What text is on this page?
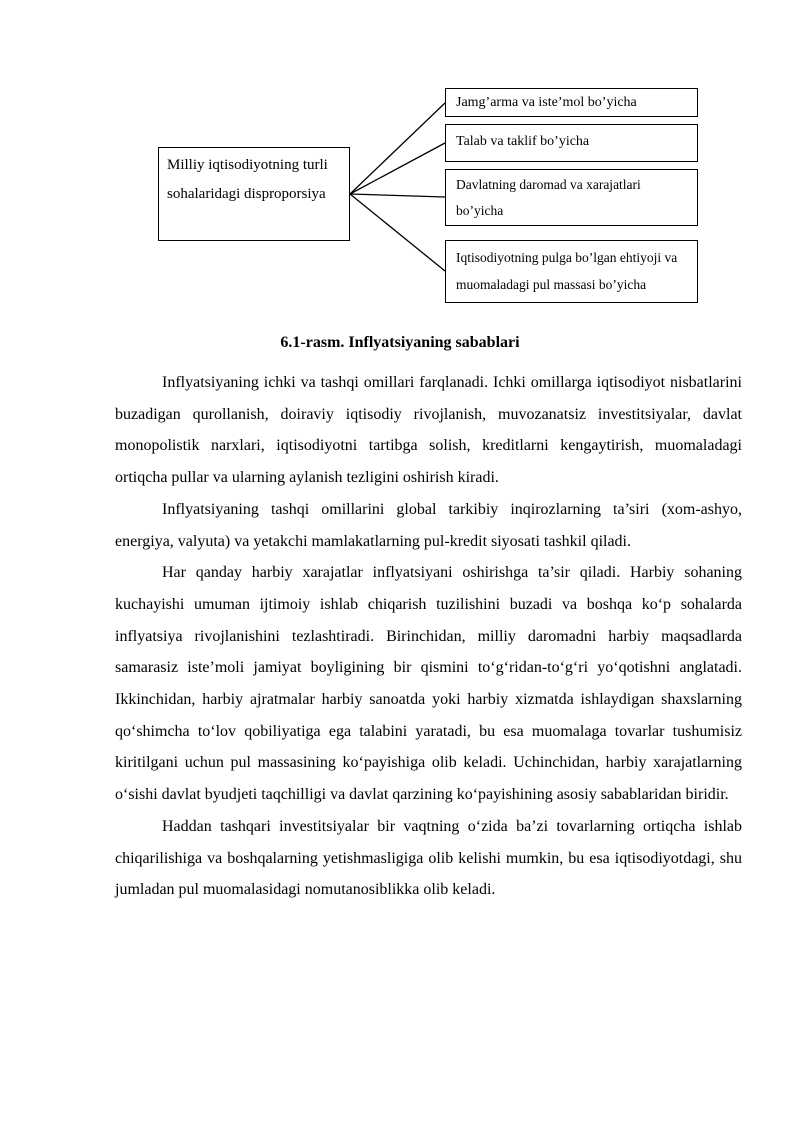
Milliy iqtisodiyotning turli sohalaridagi disproporsiya
Jamg’arma va iste’mol bo’yicha
Talab va taklif bo’yicha
Davlatning daromad va xarajatlari bo’yicha
Iqtisodiyotning pulga bo’lgan ehtiyoji va muomaladagi pul massasi bo’yicha
6.1-rasm. Inflyatsiyaning sabablari

Inflyatsiyaning ichki va tashqi omillari farqlanadi. Ichki omillarga iqtisodiyot nisbatlarini buzadigan qurollanish, doiraviy iqtisodiy rivojlanish, muvozanatsiz investitsiyalar, davlat monopolistik narxlari, iqtisodiyotni tartibga solish, kreditlarni kengaytirish, muomaladagi ortiqcha pullar va ularning aylanish tezligini oshirish kiradi.

Inflyatsiyaning tashqi omillarini global tarkibiy inqirozlarning ta’siri (xom-ashyo, energiya, valyuta) va yetakchi mamlakatlarning pul-kredit siyosati tashkil qiladi.

Har qanday harbiy xarajatlar inflyatsiyani oshirishga ta’sir qiladi. Harbiy sohaning kuchayishi umuman ijtimoiy ishlab chiqarish tuzilishini buzadi va boshqa ko‘p sohalarda inflyatsiya rivojlanishini tezlashtiradi. Birinchidan, milliy daromadni harbiy maqsadlarda samarasiz iste’moli jamiyat boyligining bir qismini to‘g‘ridan-to‘g‘ri yo‘qotishni anglatadi. Ikkinchidan, harbiy ajratmalar harbiy sanoatda yoki harbiy xizmatda ishlaydigan shaxslarning qo‘shimcha to‘lov qobiliyatiga ega talabini yaratadi, bu esa muomalaga tovarlar tushumisiz kiritilgani uchun pul massasining ko‘payishiga olib keladi. Uchinchidan, harbiy xarajatlarning o‘sishi davlat byudjeti taqchilligi va davlat qarzining ko‘payishining asosiy sabablaridan biridir.

Haddan tashqari investitsiyalar bir vaqtning o‘zida ba’zi tovarlarning ortiqcha ishlab chiqarilishiga va boshqalarning yetishmasligiga olib kelishi mumkin, bu esa iqtisodiyotdagi, shu jumladan pul muomalasidagi nomutanosiblikka olib keladi.
